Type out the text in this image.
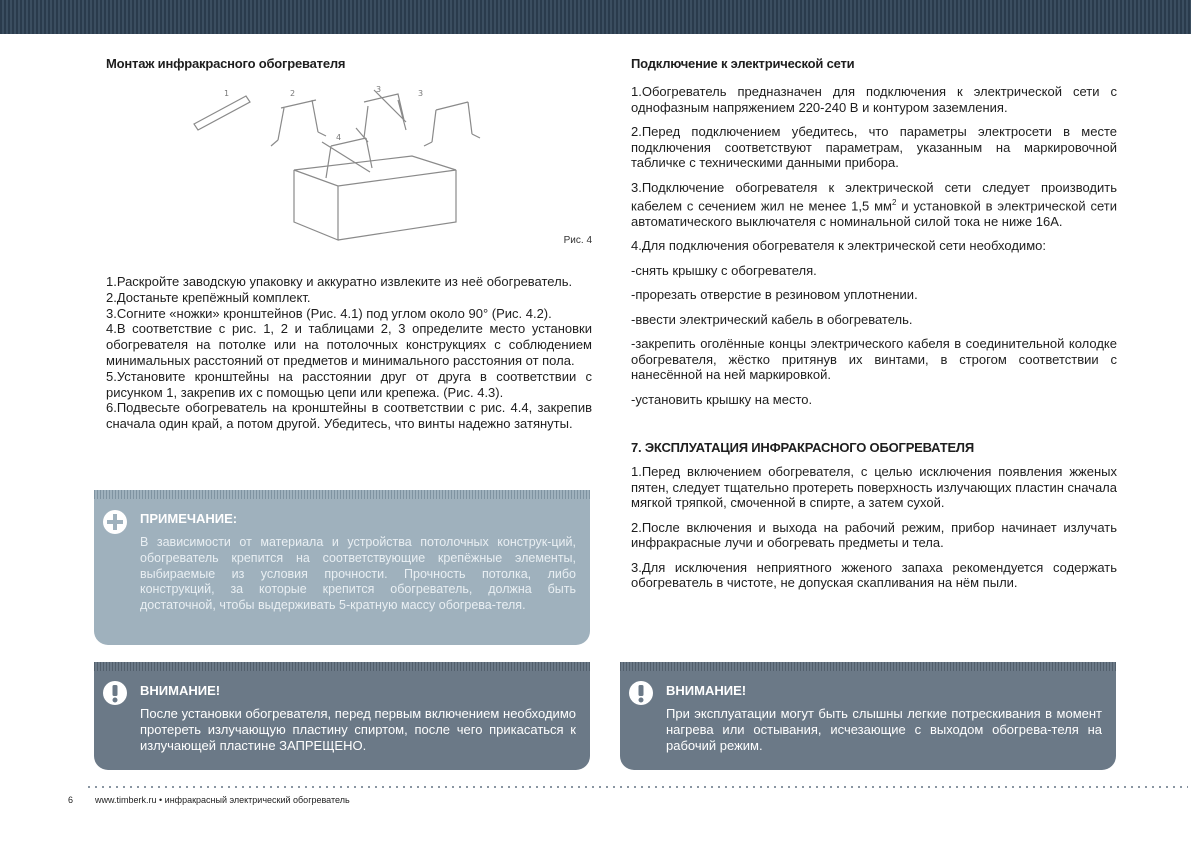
Монтаж инфракрасного обогревателя
1	2	3
3
4
Рис. 4
1.Раскройте заводскую упаковку и аккуратно извлеките из неё обогреватель.
2.Достаньте крепёжный комплект.
3.Согните «ножки» кронштейнов (Рис. 4.1) под углом около 90° (Рис. 4.2).
4.В соответствие с рис. 1, 2 и таблицами 2, 3 определите место установки обогревателя на потолке или на потолочных конструкциях с соблюдением минимальных расстояний от предметов и минимального расстояния от пола.
5.Установите кронштейны на расстоянии друг от друга в соответствии с рисунком 1, закрепив их с помощью цепи или крепежа. (Рис. 4.3).
6.Подвесьте обогреватель на кронштейны в соответствии с рис. 4.4, закрепив сначала один край, а потом другой. Убедитесь, что винты надежно затянуты.
ПРИМЕЧАНИЕ:

В зависимости от материала и устройства потолочных конструк-ций, обогреватель крепится на соответствующие крепёжные элементы, выбираемые из условия прочности. Прочность потолка, либо конструкций, за которые крепится обогреватель, должна быть достаточной, чтобы выдерживать 5-кратную массу обогрева-теля.

ВНИМАНИЕ!

После установки обогревателя, перед первым включением необходимо протереть излучающую пластину спиртом, после чего прикасаться к излучающей пластине ЗАПРЕЩЕНО.

Подключение к электрической сети

1.Обогреватель предназначен для подключения к электрической сети с однофазным напряжением 220-240 В и контуром заземления.

2.Перед подключением убедитесь, что параметры электросети в месте подключения соответствуют параметрам, указанным на маркировочной табличке с техническими данными прибора.

3.Подключение обогревателя к электрической сети следует производить кабелем с сечением жил не менее 1,5 $мм^2$ и установкой в электрической сети автоматического выключателя с номинальной силой тока не ниже 16А.

4.Для подключения обогревателя к электрической сети необходимо:

-снять крышку с обогревателя.

-прорезать отверстие в резиновом уплотнении.

-ввести электрический кабель в обогреватель.

-закрепить оголённые концы электрического кабеля в соединительной колодке обогревателя, жёстко притянув их винтами, в строгом соответствии с нанесённой на ней маркировкой.

-установить крышку на место.

7. ЭКСПЛУАТАЦИЯ ИНФРАКРАСНОГО ОБОГРЕВАТЕЛЯ

1.Перед включением обогревателя, с целью исключения появления жженых пятен, следует тщательно протереть поверхность излучающих пластин сначала мягкой тряпкой, смоченной в спирте, а затем сухой.

2.После включения и выхода на рабочий режим, прибор начинает излучать инфракрасные лучи и обогревать предметы и тела.

3.Для исключения неприятного жженого запаха рекомендуется содержать обогреватель в чистоте, не допуская скапливания на нём пыли.

ВНИМАНИЕ!

При эксплуатации могут быть слышны легкие потрескивания в момент нагрева или остывания, исчезающие с выходом обогрева-теля на рабочий режим.

6 www.timberk.ru • инфракрасный электрический обогреватель
